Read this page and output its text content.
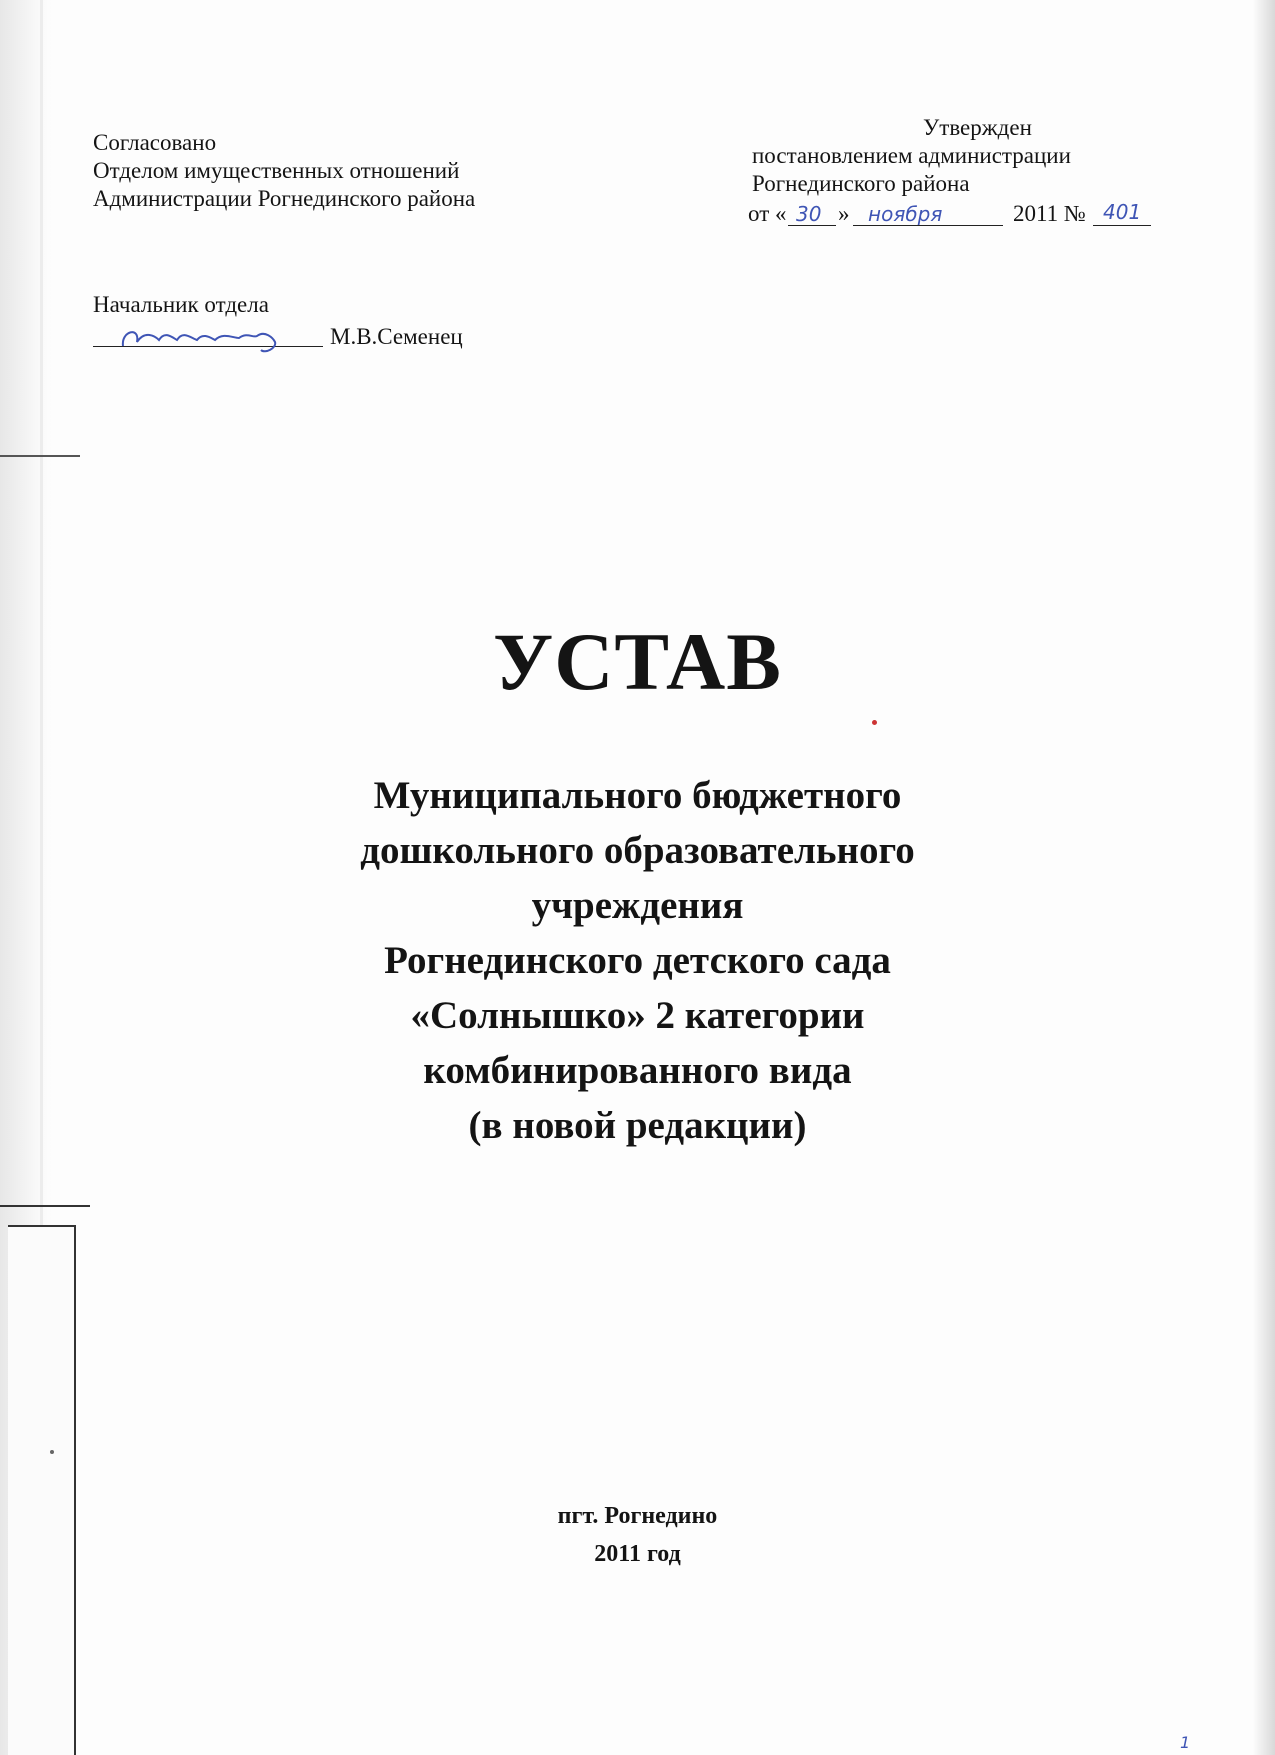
Согласовано
Отделом имущественных отношений
Администрации Рогнединского района
Начальник отдела
М.В.Семенец
Утвержден
постановлением администрации
Рогнединского района
от « 30 » ноября	2011 № 401
УСТАВ
Муниципального бюджетного
дошкольного образовательного
учреждения
Рогнединского детского сада
«Солнышко» 2 категории
комбинированного вида
(в новой редакции)
пгт. Рогнедино
2011 год
1
